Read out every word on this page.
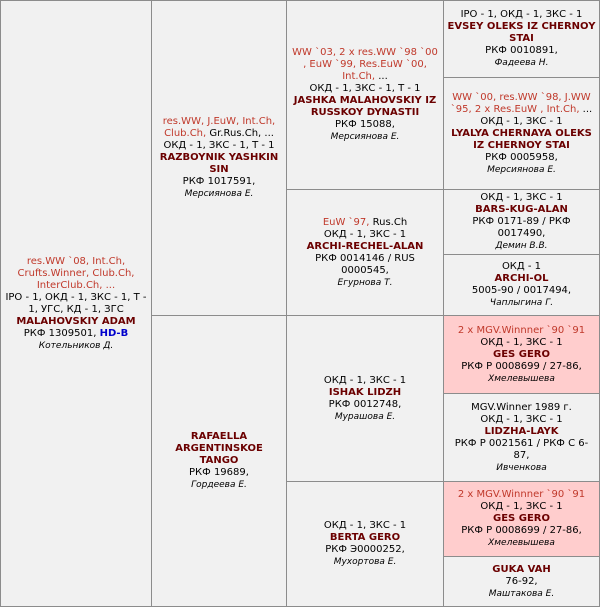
res.WW `08, Int.Ch, Crufts.Winner, Club.Ch, InterClub.Ch, ...
IPO - 1, ОКД - 1, ЗКС - 1, Т - 1, УГС, КД - 1, ЗГС
MALAHOVSKIY ADAM
РКФ 1309501, HD-B
Котельников Д.
res.WW, J.EuW, Int.Ch, Club.Ch, Gr.Rus.Ch, ...
ОКД - 1, ЗКС - 1, Т - 1
RAZBOYNIK YASHKIN SIN
РКФ 1017591,
Мерсиянова Е.
RAFAELLA ARGENTINSKOE TANGO
РКФ 19689,
Гордеева Е.
WW `03, 2 x res.WW `98 `00 , EuW `99, Res.EuW `00, Int.Ch, ...
ОКД - 1, ЗКС - 1, Т - 1
JASHKA MALAHOVSKIY IZ RUSSKOY DYNASTII
РКФ 15088,
Мерсиянова Е.
EuW `97, Rus.Ch
ОКД - 1, ЗКС - 1
ARCHI-RECHEL-ALAN
РКФ 0014146 / RUS 0000545,
Егурнова Т.
ОКД - 1, ЗКС - 1
ISHAK LIDZH
РКФ 0012748,
Мурашова Е.
ОКД - 1, ЗКС - 1
BERTA GERO
РКФ Э0000252,
Мухортова Е.
IPO - 1, ОКД - 1, ЗКС - 1
EVSEY OLEKS IZ CHERNOY STAI
РКФ 0010891,
Фадеева Н.
WW `00, res.WW `98, J.WW `95, 2 x Res.EuW , Int.Ch, ...
ОКД - 1, ЗКС - 1
LYALYA CHERNAYA OLEKS IZ CHERNOY STAI
РКФ 0005958,
Мерсиянова Е.
ОКД - 1, ЗКС - 1
BARS-KUG-ALAN
РКФ 0171-89 / РКФ 0017490,
Демин В.В.
ОКД - 1
ARCHI-OL
5005-90 / 0017494,
Чаплыгина Г.
2 x MGV.Winnner `90 `91
ОКД - 1, ЗКС - 1
GES GERO
РКФ Р 0008699 / 27-86,
Хмелевышева
MGV.Winner 1989 г.
ОКД - 1, ЗКС - 1
LIDZHA-LAYK
РКФ Р 0021561 / РКФ С 6-87,
Ивченкова
2 x MGV.Winnner `90 `91
ОКД - 1, ЗКС - 1
GES GERO
РКФ Р 0008699 / 27-86,
Хмелевышева
GUKA VAH
76-92,
Маштакова Е.
